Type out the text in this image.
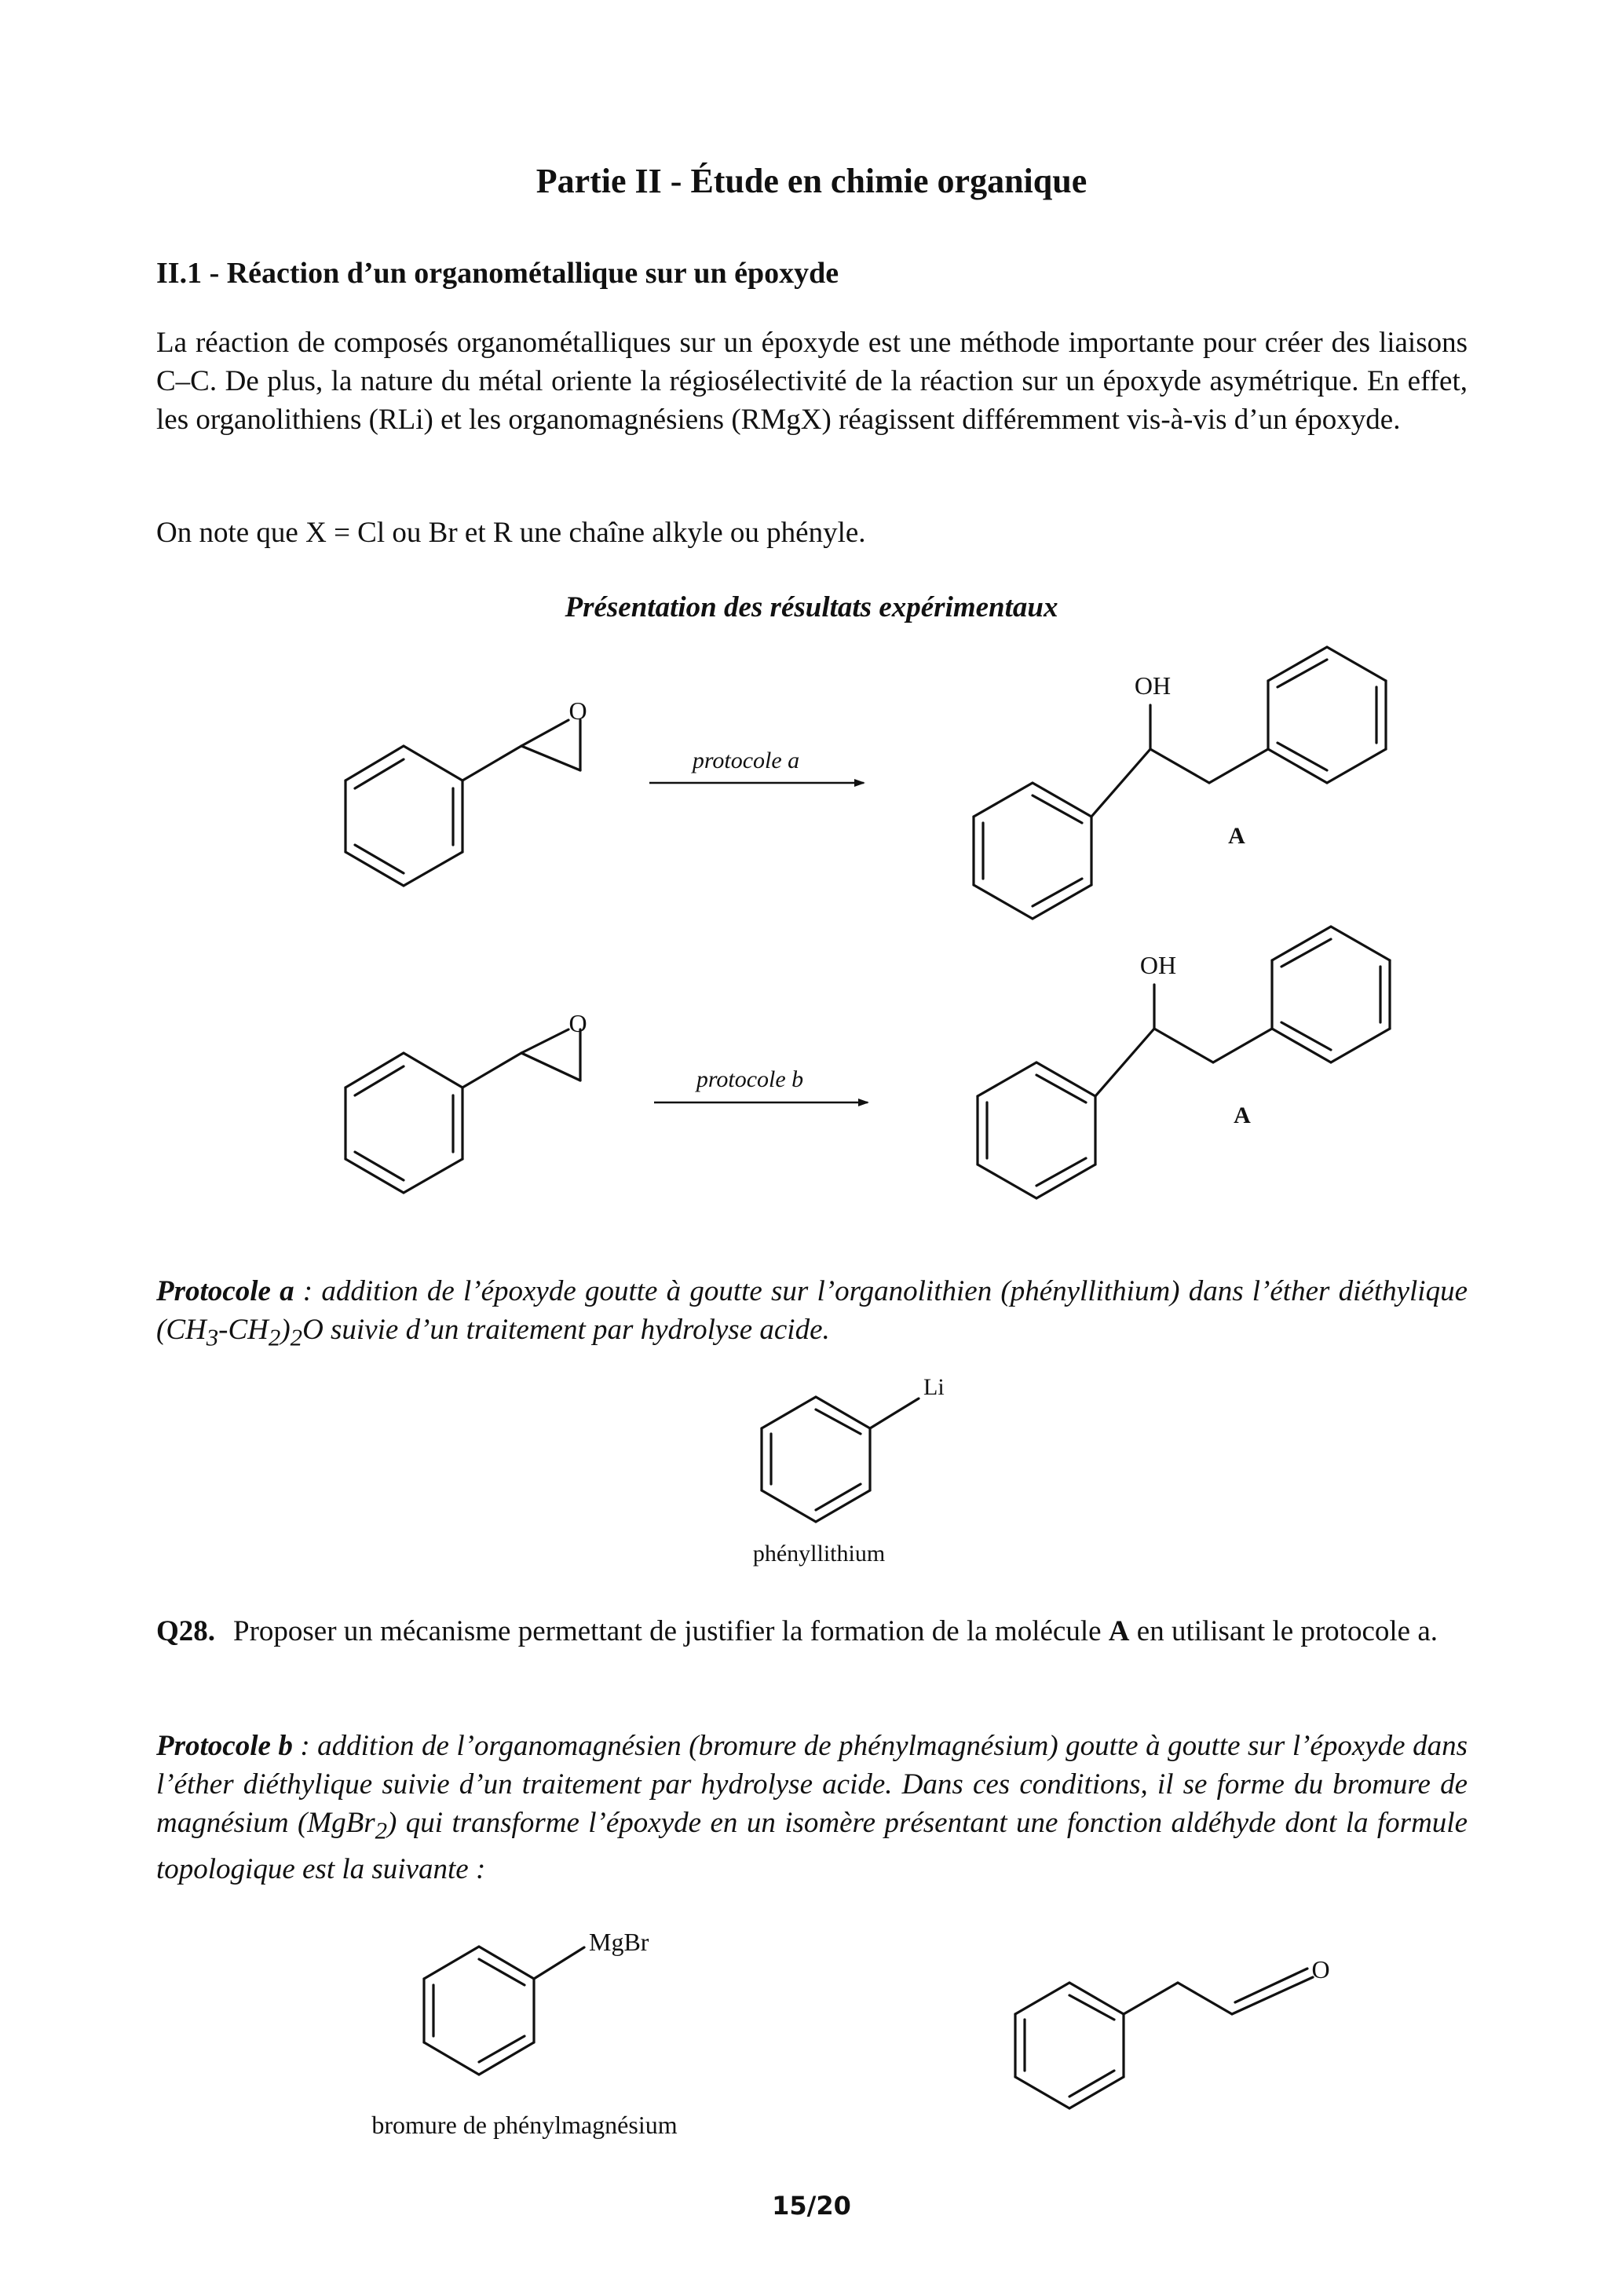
Partie II - Étude en chimie organique
II.1 - Réaction d’un organométallique sur un époxyde
La réaction de composés organométalliques sur un époxyde est une méthode importante pour créer des liaisons C–C. De plus, la nature du métal oriente la régiosélectivité de la réaction sur un époxyde asymétrique. En effet, les organolithiens (RLi) et les organomagnésiens (RMgX) réagissent différemment vis-à-vis d’un époxyde.
On note que X = Cl ou Br et R une chaîne alkyle ou phényle.
Présentation des résultats expérimentaux
O
protocole a
OH
A
O
protocole b
OH
A
Li
phényllithium
MgBr
bromure de phénylmagnésium
O
Protocole a : addition de l’époxyde goutte à goutte sur l’organolithien (phényllithium) dans l’éther diéthylique $(CH_3-CH_2)_2O$ suivie d’un traitement par hydrolyse acide.
Q28. Proposer un mécanisme permettant de justifier la formation de la molécule A en utilisant le protocole a.
Protocole b : addition de l’organomagnésien (bromure de phénylmagnésium) goutte à goutte sur l’époxyde dans l’éther diéthylique suivie d’un traitement par hydrolyse acide. Dans ces conditions, il se forme du bromure de magnésium (MgBr$_2$) qui transforme l’époxyde en un isomère présentant une fonction aldéhyde dont la formule topologique est la suivante :
15/20
